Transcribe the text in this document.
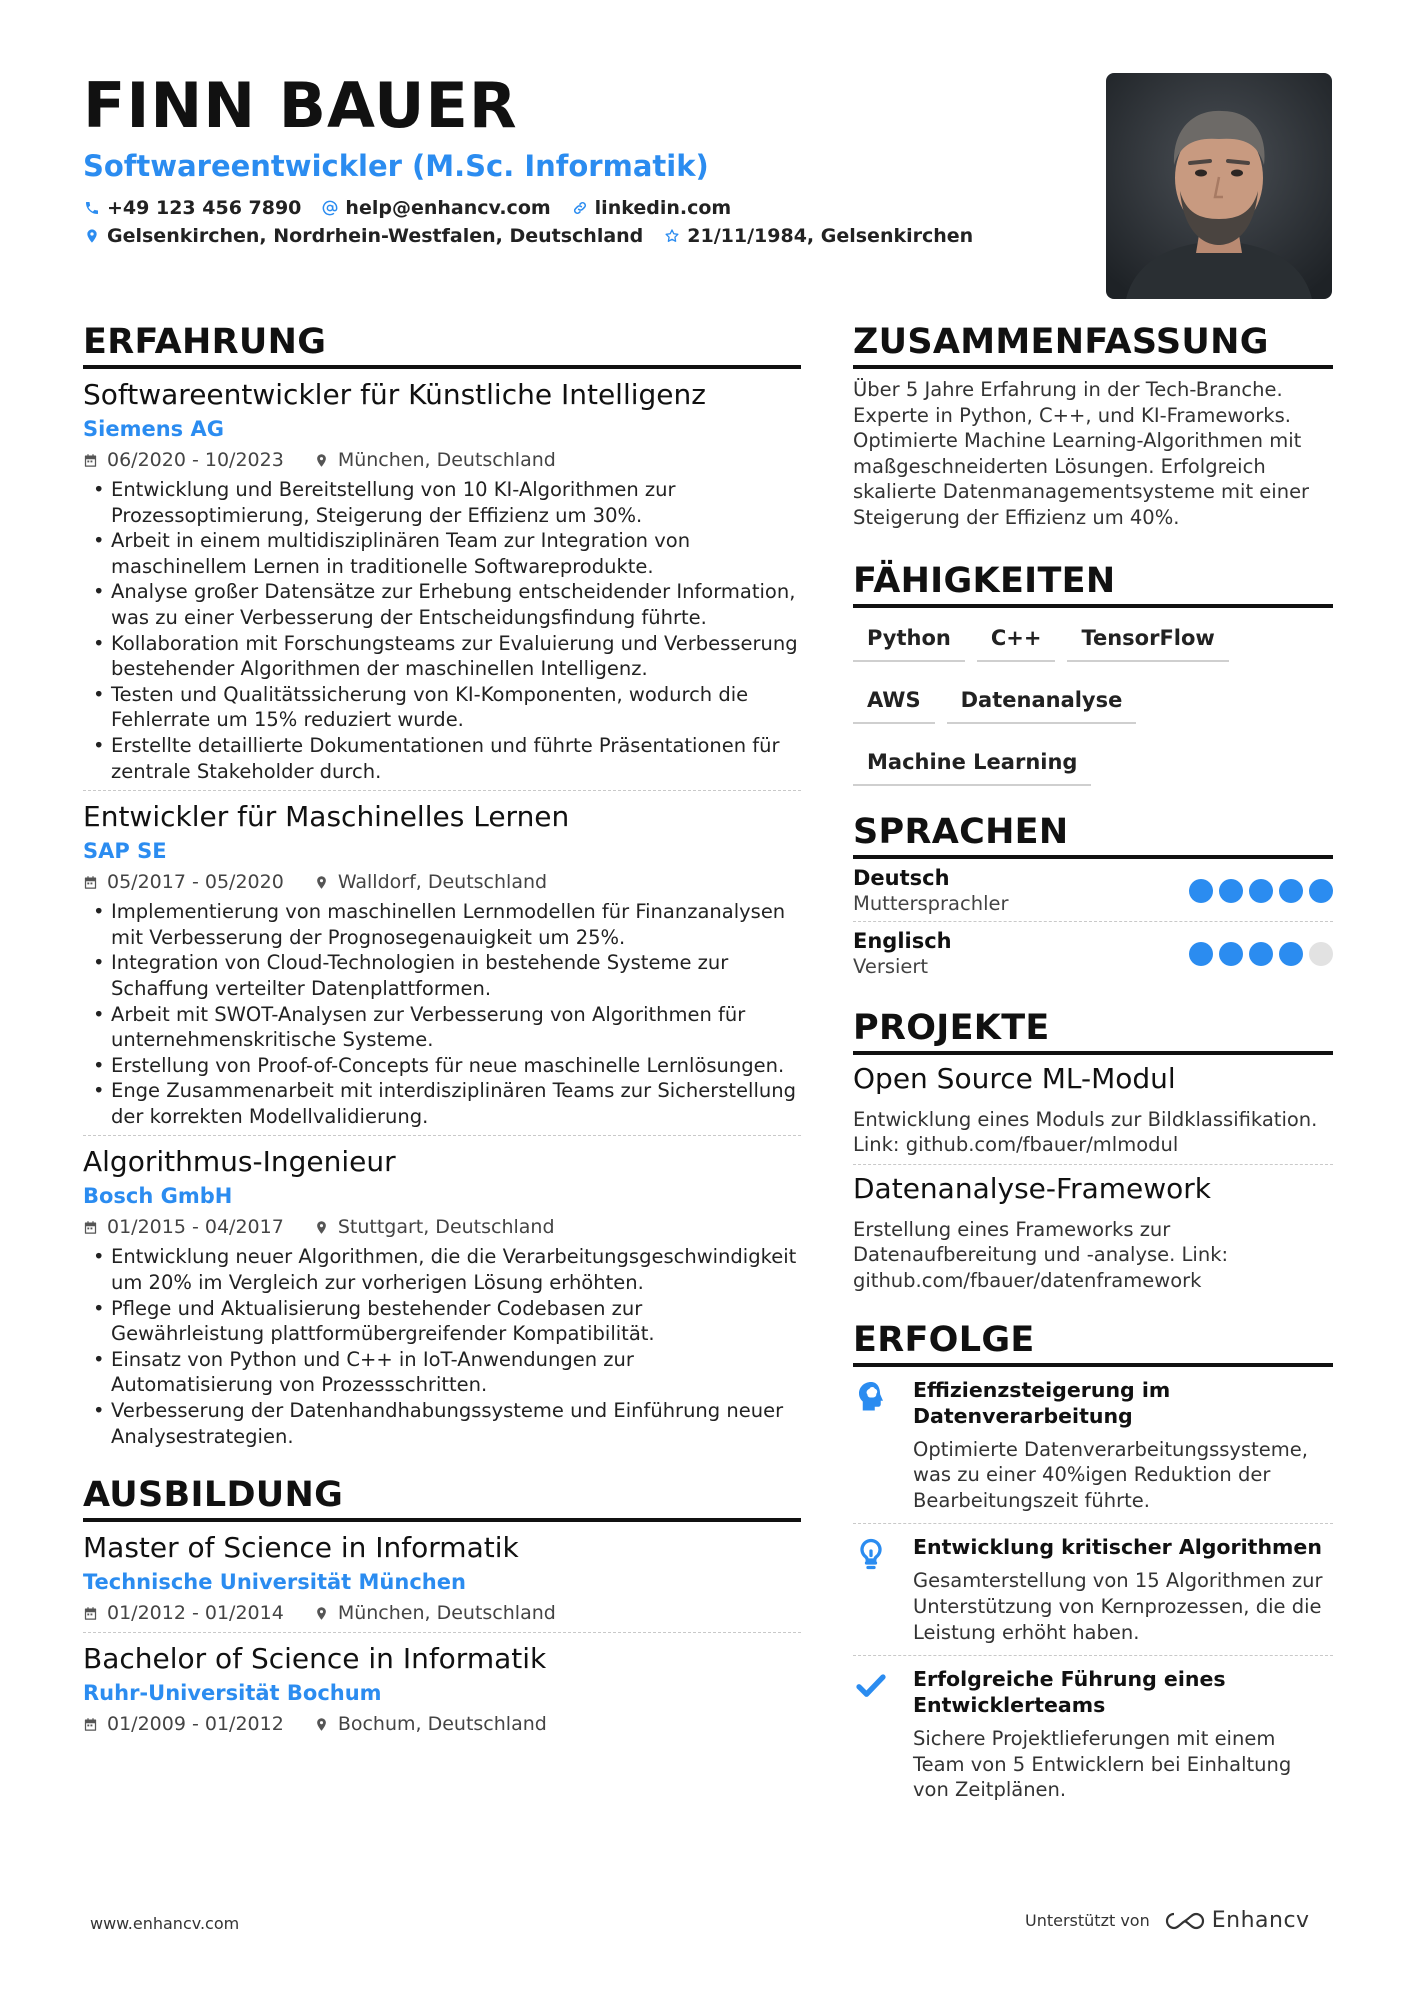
FINN BAUER
Softwareentwickler (M.Sc. Informatik)
+49 123 456 7890 help@enhancv.com linkedin.com
Gelsenkirchen, Nordrhein-Westfalen, Deutschland 21/11/1984, Gelsenkirchen
ERFAHRUNG
Softwareentwickler für Künstliche Intelligenz
Siemens AG
06/2020 - 10/2023	München, Deutschland
• Entwicklung und Bereitstellung von 10 KI-Algorithmen zur Prozessoptimierung, Steigerung der Effizienz um 30%.
• Arbeit in einem multidisziplinären Team zur Integration von maschinellem Lernen in traditionelle Softwareprodukte.
• Analyse großer Datensätze zur Erhebung entscheidender Information, was zu einer Verbesserung der Entscheidungsfindung führte.
• Kollaboration mit Forschungsteams zur Evaluierung und Verbesserung bestehender Algorithmen der maschinellen Intelligenz.
• Testen und Qualitätssicherung von KI-Komponenten, wodurch die Fehlerrate um 15% reduziert wurde.
• Erstellte detaillierte Dokumentationen und führte Präsentationen für zentrale Stakeholder durch.
Entwickler für Maschinelles Lernen
SAP SE
05/2017 - 05/2020	Walldorf, Deutschland
• Implementierung von maschinellen Lernmodellen für Finanzanalysen mit Verbesserung der Prognosegenauigkeit um 25%.
• Integration von Cloud-Technologien in bestehende Systeme zur Schaffung verteilter Datenplattformen.
• Arbeit mit SWOT-Analysen zur Verbesserung von Algorithmen für unternehmenskritische Systeme.
• Erstellung von Proof-of-Concepts für neue maschinelle Lernlösungen.
• Enge Zusammenarbeit mit interdisziplinären Teams zur Sicherstellung der korrekten Modellvalidierung.
Algorithmus-Ingenieur
Bosch GmbH
01/2015 - 04/2017	Stuttgart, Deutschland
• Entwicklung neuer Algorithmen, die die Verarbeitungsgeschwindigkeit um 20% im Vergleich zur vorherigen Lösung erhöhten.
• Pflege und Aktualisierung bestehender Codebasen zur Gewährleistung plattformübergreifender Kompatibilität.
• Einsatz von Python und C++ in IoT-Anwendungen zur Automatisierung von Prozessschritten.
• Verbesserung der Datenhandhabungssysteme und Einführung neuer Analysestrategien.
AUSBILDUNG
Master of Science in Informatik
Technische Universität München
01/2012 - 01/2014	München, Deutschland
Bachelor of Science in Informatik
Ruhr-Universität Bochum
01/2009 - 01/2012	Bochum, Deutschland
ZUSAMMENFASSUNG
Über 5 Jahre Erfahrung in der Tech-Branche. Experte in Python, C++, und KI-Frameworks. Optimierte Machine Learning-Algorithmen mit maßgeschneiderten Lösungen. Erfolgreich skalierte Datenmanagementsysteme mit einer Steigerung der Effizienz um 40%.
FÄHIGKEITEN
Python	C++	TensorFlow
AWS	Datenanalyse
Machine Learning
SPRACHEN
Deutsch
Muttersprachler
Englisch
Versiert
PROJEKTE
Open Source ML-Modul
Entwicklung eines Moduls zur Bildklassifikation. Link: github.com/fbauer/mlmodul
Datenanalyse-Framework
Erstellung eines Frameworks zur Datenaufbereitung und -analyse. Link: github.com/fbauer/datenframework
ERFOLGE
Effizienzsteigerung im Datenverarbeitung
Optimierte Datenverarbeitungssysteme, was zu einer 40%igen Reduktion der Bearbeitungszeit führte.
Entwicklung kritischer Algorithmen
Gesamterstellung von 15 Algorithmen zur Unterstützung von Kernprozessen, die die Leistung erhöht haben.
Erfolgreiche Führung eines Entwicklerteams
Sichere Projektlieferungen mit einem Team von 5 Entwicklern bei Einhaltung von Zeitplänen.
www.enhancv.com	Unterstützt von	Enhancv
